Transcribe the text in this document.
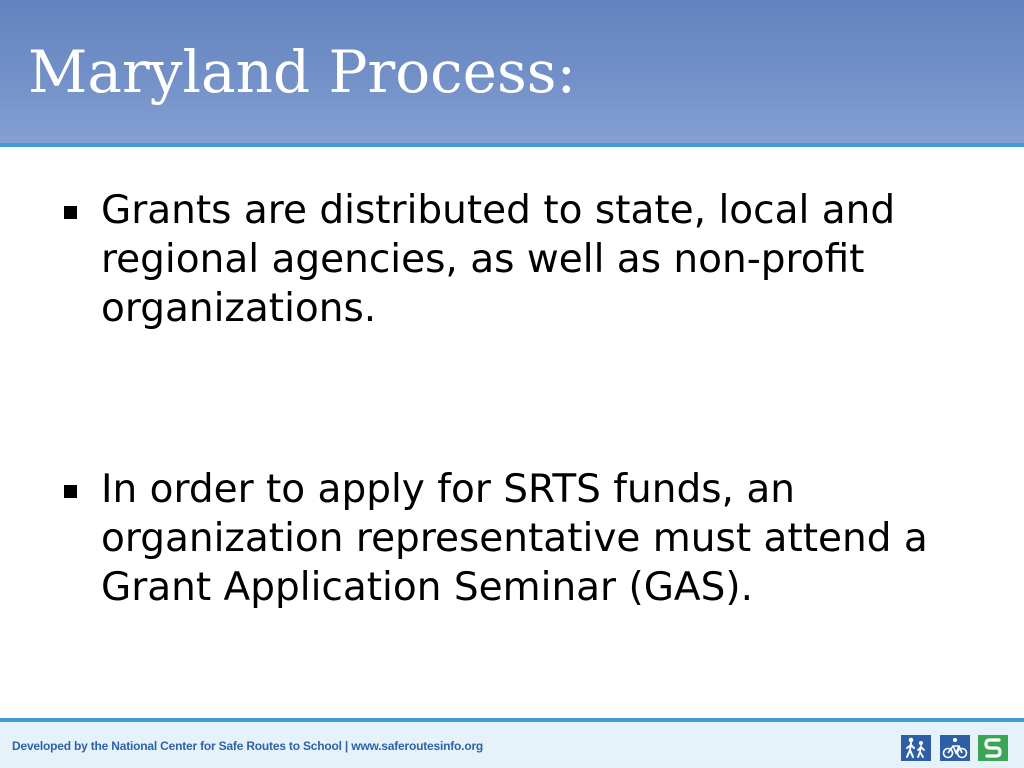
Maryland Process:
Grants are distributed to state, local and regional agencies, as well as non-profit organizations.
In order to apply for SRTS funds, an organization representative must attend a Grant Application Seminar (GAS).
Developed by the National Center for Safe Routes to School | www.saferoutesinfo.org
